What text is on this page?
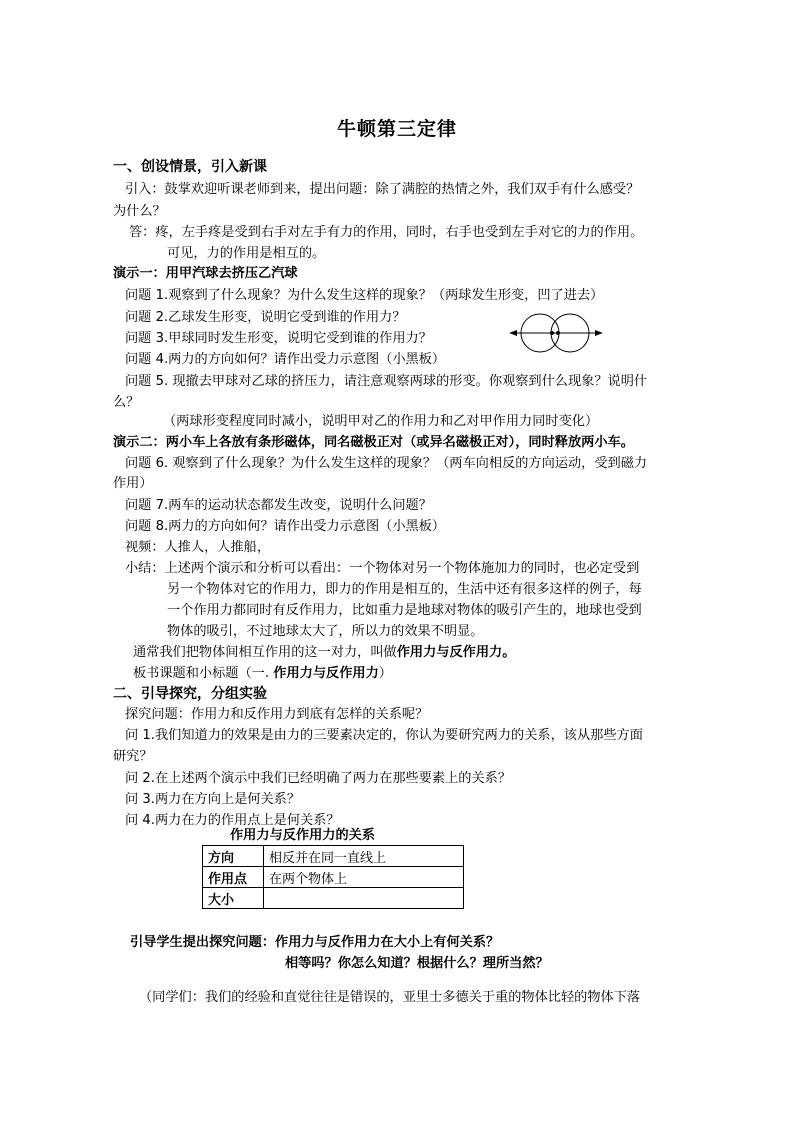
牛顿第三定律
一、创设情景，引入新课
引入：鼓掌欢迎听课老师到来，提出问题：除了满腔的热情之外，我们双手有什么感受？
为什么？
答：疼，左手疼是受到右手对左手有力的作用，同时，右手也受到左手对它的力的作用。
可见，力的作用是相互的。
演示一：用甲汽球去挤压乙汽球
问题 1.观察到了什么现象？为什么发生这样的现象？（两球发生形变，凹了进去）
问题 2.乙球发生形变，说明它受到谁的作用力？
问题 3.甲球同时发生形变，说明它受到谁的作用力？
问题 4.两力的方向如何？请作出受力示意图（小黑板）
问题 5. 现撤去甲球对乙球的挤压力，请注意观察两球的形变。你观察到什么现象？说明什
么？
（两球形变程度同时减小，说明甲对乙的作用力和乙对甲作用力同时变化）
演示二：两小车上各放有条形磁体，同名磁极正对（或异名磁极正对），同时释放两小车。
问题 6. 观察到了什么现象？为什么发生这样的现象？（两车向相反的方向运动，受到磁力
作用）
问题 7.两车的运动状态都发生改变，说明什么问题？
问题 8.两力的方向如何？请作出受力示意图（小黑板）
视频：人推人，人推船，
小结：上述两个演示和分析可以看出：一个物体对另一个物体施加力的同时，也必定受到
另一个物体对它的作用力，即力的作用是相互的，生活中还有很多这样的例子，每
一个作用力都同时有反作用力，比如重力是地球对物体的吸引产生的，地球也受到
物体的吸引，不过地球太大了，所以力的效果不明显。
通常我们把物体间相互作用的这一对力，叫做作用力与反作用力。
板书课题和小标题（一. 作用力与反作用力）
二、引导探究，分组实验
探究问题：作用力和反作用力到底有怎样的关系呢？
问 1.我们知道力的效果是由力的三要素决定的，你认为要研究两力的关系，该从那些方面
研究？
问 2.在上述两个演示中我们已经明确了两力在那些要素上的关系？
问 3.两力在方向上是何关系？
问 4.两力在力的作用点上是何关系？
作用力与反作用力的关系
方向	相反并在同一直线上
作用点	在两个物体上
大小	
引导学生提出探究问题：作用力与反作用力在大小上有何关系？
相等吗？你怎么知道？根据什么？理所当然？
（同学们：我们的经验和直觉往往是错误的，亚里士多德关于重的物体比轻的物体下落
